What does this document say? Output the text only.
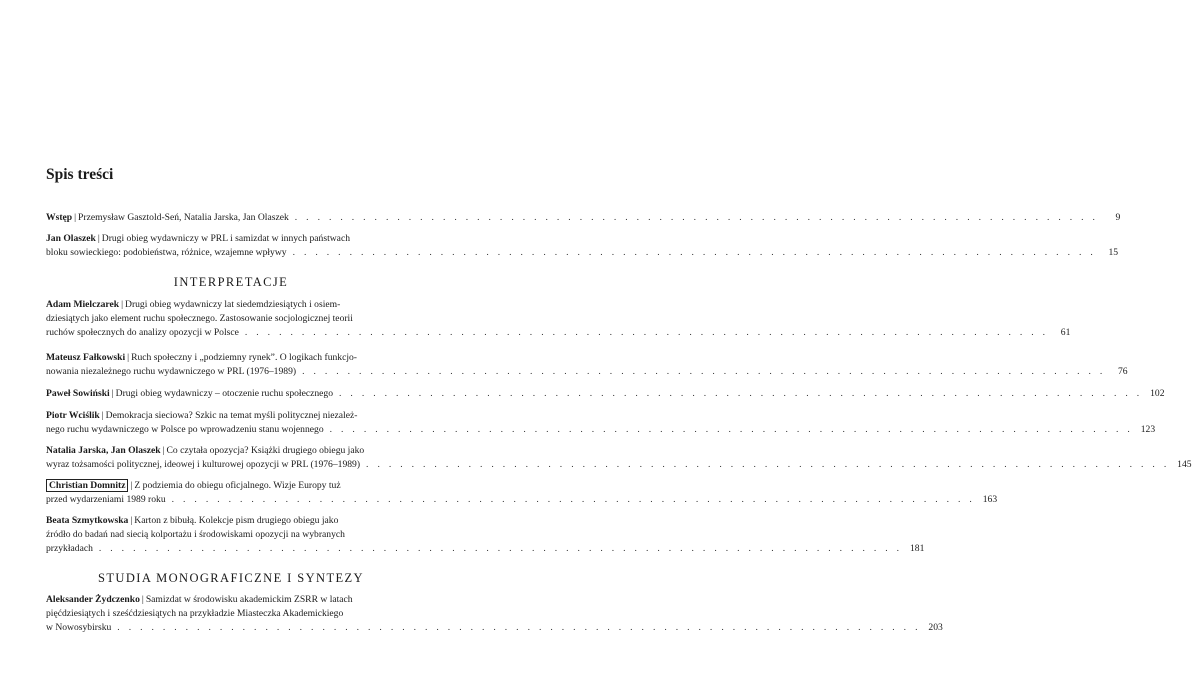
Spis treści
Wstęp | Przemysław Gasztold-Seń, Natalia Jarska, Jan Olaszek . . . . . . . . . . . . . . . . . . . . . . . . . . . . . . . . . . . . . . . . . . . . . . . . . . . . . . . . . . . . . . . . . . . . . . .	9
Jan Olaszek | Drugi obieg wydawniczy w PRL i samizdat w innych państwach
bloku sowieckiego: podobieństwa, różnice, wzajemne wpływy . . . . . . . . . . . . . . . . . . . . . . . . . . . . . . . . . . . . . . . . . . . . . . . . . . . . . . . . . . . . . . . . . . . . . . .	15
INTERPRETACJE
Adam Mielczarek | Drugi obieg wydawniczy lat siedemdziesiątych i osiem-
dziesiątych jako element ruchu społecznego. Zastosowanie socjologicznej teorii
ruchów społecznych do analizy opozycji w Polsce . . . . . . . . . . . . . . . . . . . . . . . . . . . . . . . . . . . . . . . . . . . . . . . . . . . . . . . . . . . . . . . . . . . . . . .	61
Mateusz Fałkowski | Ruch społeczny i „podziemny rynek”. O logikach funkcjo-
nowania niezależnego ruchu wydawniczego w PRL (1976–1989) . . . . . . . . . . . . . . . . . . . . . . . . . . . . . . . . . . . . . . . . . . . . . . . . . . . . . . . . . . . . . . . . . . . . . . .	76
Paweł Sowiński | Drugi obieg wydawniczy – otoczenie ruchu społecznego . . . . . . . . . . . . . . . . . . . . . . . . . . . . . . . . . . . . . . . . . . . . . . . . . . . . . . . . . . . . . . . . . . . . . . . 102
Piotr Wciślik | Demokracja sieciowa? Szkic na temat myśli politycznej niezależ-
nego ruchu wydawniczego w Polsce po wprowadzeniu stanu wojennego . . . . . . . . . . . . . . . . . . . . . . . . . . . . . . . . . . . . . . . . . . . . . . . . . . . . . . . . . . . . . . . . . . . . . . . 123
Natalia Jarska, Jan Olaszek | Co czytała opozycja? Książki drugiego obiegu jako
wyraz tożsamości politycznej, ideowej i kulturowej opozycji w PRL (1976–1989) . . . . . . . . . . . . . . . . . . . . . . . . . . . . . . . . . . . . . . . . . . . . . . . . . . . . . . . . . . . . . . . . . . . . . . . 145
Christian Domnitz | Z podziemia do obiegu oficjalnego. Wizje Europy tuż
przed wydarzeniami 1989 roku . . . . . . . . . . . . . . . . . . . . . . . . . . . . . . . . . . . . . . . . . . . . . . . . . . . . . . . . . . . . . . . . . . . . . . . 163
Beata Szmytkowska | Karton z bibułą. Kolekcje pism drugiego obiegu jako
źródło do badań nad siecią kolportażu i środowiskami opozycji na wybranych
przykładach . . . . . . . . . . . . . . . . . . . . . . . . . . . . . . . . . . . . . . . . . . . . . . . . . . . . . . . . . . . . . . . . . . . . . . . 181
STUDIA MONOGRAFICZNE I SYNTEZY
Aleksander Żydczenko | Samizdat w środowisku akademickim ZSRR w latach
pięćdziesiątych i sześćdziesiątych na przykładzie Miasteczka Akademickiego
w Nowosybirsku . . . . . . . . . . . . . . . . . . . . . . . . . . . . . . . . . . . . . . . . . . . . . . . . . . . . . . . . . . . . . . . . . . . . . . . 203
